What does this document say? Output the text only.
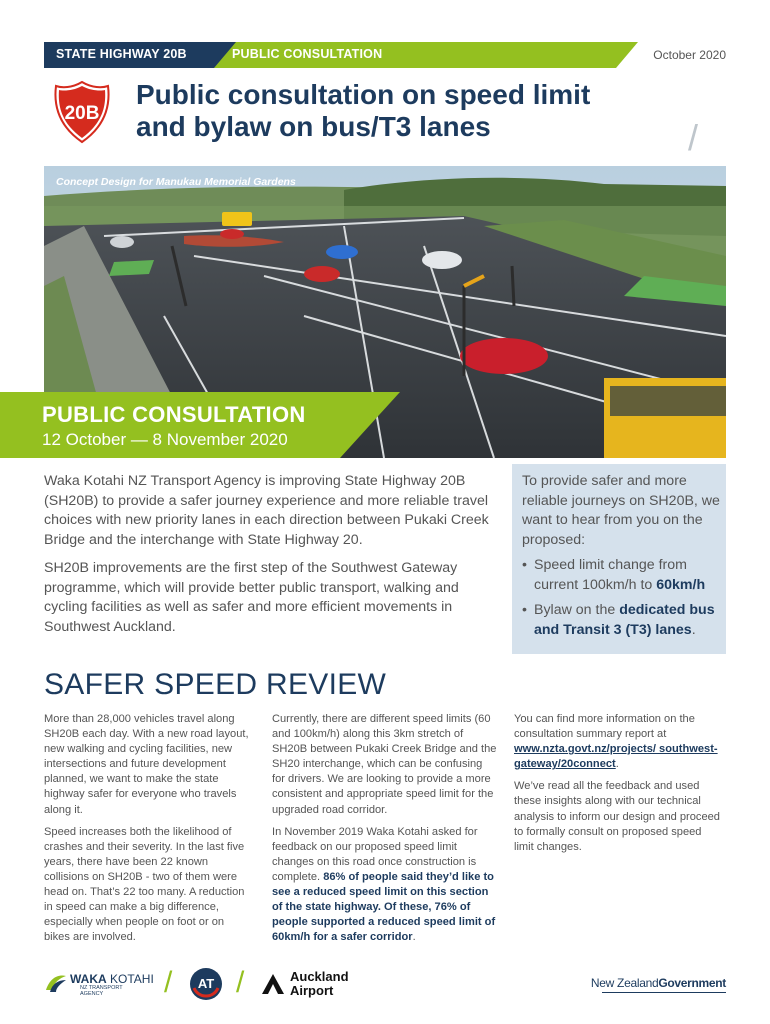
STATE HIGHWAY 20B	PUBLIC CONSULTATION	October 2020
20B
Public consultation on speed limit
and bylaw on bus/T3 lanes	/
Concept Design for Manukau Memorial Gardens
PUBLIC CONSULTATION
12 October — 8 November 2020

Waka Kotahi NZ Transport Agency is improving State Highway 20B (SH20B) to provide a safer journey experience and more reliable travel choices with new priority lanes in each direction between Pukaki Creek Bridge and the interchange with State Highway 20.

SH20B improvements are the first step of the Southwest Gateway programme, which will provide better public transport, walking and cycling facilities as well as safer and more efficient movements in Southwest Auckland.

To provide safer and more reliable journeys on SH20B, we want to hear from you on the proposed:

• Speed limit change from current 100km/h to 60km/h

• Bylaw on the dedicated bus and Transit 3 (T3) lanes.

SAFER SPEED REVIEW

More than 28,000 vehicles travel along SH20B each day. With a new road layout, new walking and cycling facilities, new intersections and future development planned, we want to make the state highway safer for everyone who travels along it.

Speed increases both the likelihood of crashes and their severity. In the last five years, there have been 22 known collisions on SH20B - two of them were head on. That’s 22 too many. A reduction in speed can make a big difference, especially when people on foot or on bikes are involved.

Currently, there are different speed limits (60 and 100km/h) along this 3km stretch of SH20B between Pukaki Creek Bridge and the SH20 interchange, which can be confusing for drivers. We are looking to provide a more consistent and appropriate speed limit for the upgraded road corridor.

In November 2019 Waka Kotahi asked for feedback on our proposed speed limit changes on this road once construction is complete. 86% of people said they’d like to see a reduced speed limit on this section of the state highway. Of these, 76% of people supported a reduced speed limit of 60km/h for a safer corridor.

You can find more information on the consultation summary report at www.nzta.govt.nz/projects/ southwest-gateway/20connect.

We’ve read all the feedback and used these insights along with our technical analysis to inform our design and proceed to formally consult on proposed speed limit changes.

WAKA KOTAHI
NZ TRANSPORT
AGENCY	/ AT /	Auckland
Airport	New ZealandGovernment
